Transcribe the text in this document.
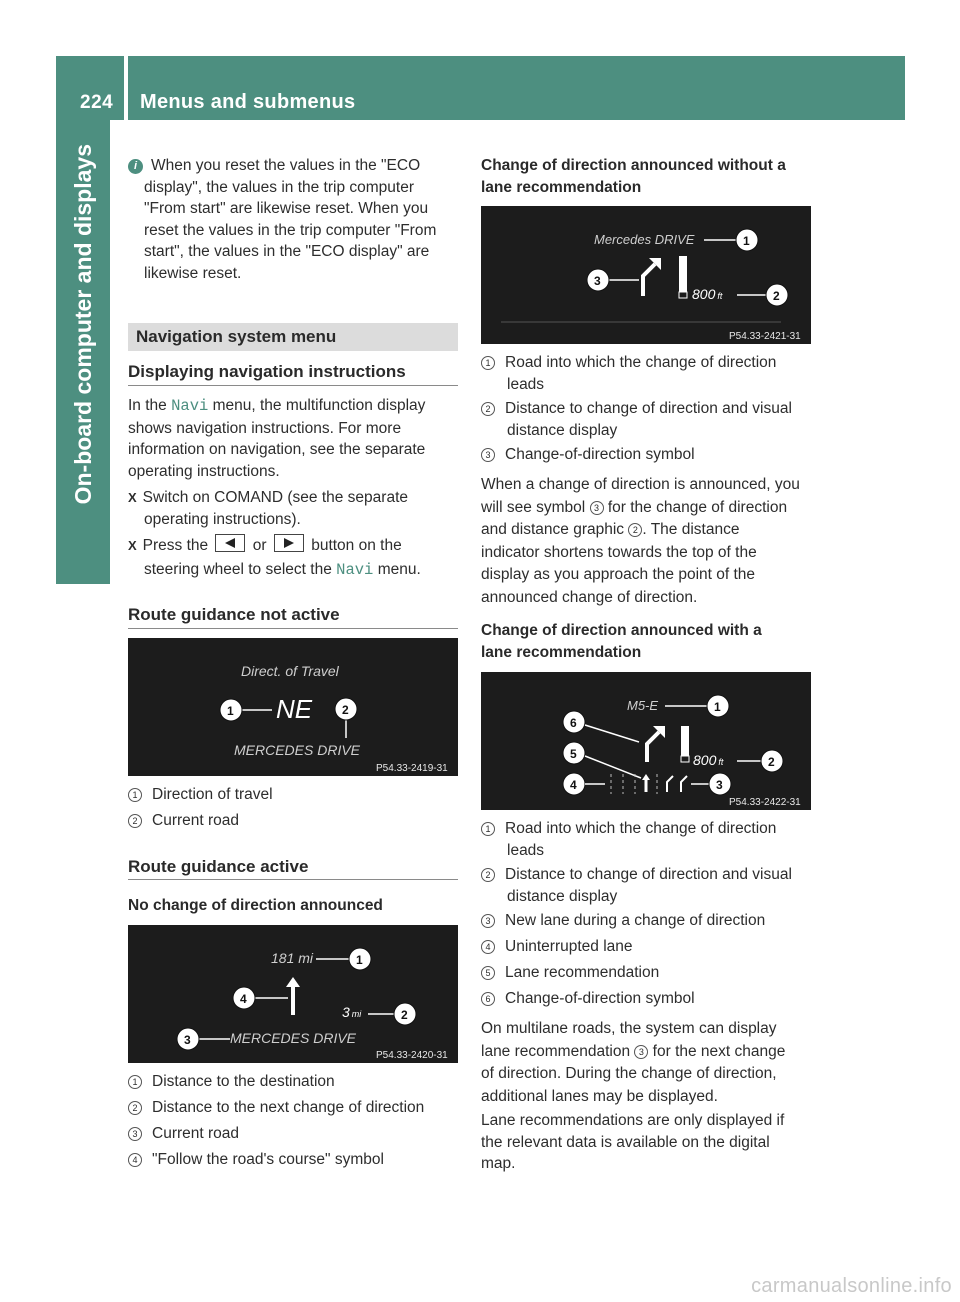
224 Menus and submenus
On-board computer and displays	i When you reset the values in the "ECO
display", the values in the trip computer
"From start" are likewise reset. When you
reset the values in the trip computer "From
start", the values in the "ECO display" are
likewise reset.
Navigation system menu
Displaying navigation instructions
In the Navi menu, the multifunction display
shows navigation instructions. For more
information on navigation, see the separate
operating instructions.
X Switch on COMAND (see the separate
operating instructions).
X Press the	or	button on the
steering wheel to select the Navi menu.
Route guidance not active
Direct. of Travel
NE
MERCEDES DRIVE
1	2
P54.33-2419-31
1 Direction of travel
2 Current road
Route guidance active
No change of direction announced
181 mi	1
4
3 mi	2
MERCEDES DRIVE
3
P54.33-2420-31
1 Distance to the destination
2 Distance to the next change of direction
3 Current road
4 "Follow the road's course" symbol
Change of direction announced without a
lane recommendation
Mercedes DRIVE	1
3
800 ft	2
P54.33-2421-31
1 Road into which the change of direction
leads
2 Distance to change of direction and visual
distance display
3 Change-of-direction symbol
When a change of direction is announced, you
will see symbol 3 for the change of direction
and distance graphic 2 . The distance
indicator shortens towards the top of the
display as you approach the point of the
announced change of direction.
Change of direction announced with a
lane recommendation
M5-E	1
6
5	800 ft	2
4	3
P54.33-2422-31
1 Road into which the change of direction
leads
2 Distance to change of direction and visual
distance display
3 New lane during a change of direction
4 Uninterrupted lane
5 Lane recommendation
6 Change-of-direction symbol
On multilane roads, the system can display
lane recommendation 3 for the next change
of direction. During the change of direction,
additional lanes may be displayed.
Lane recommendations are only displayed if
the relevant data is available on the digital
map.
carmanualsonline.info
